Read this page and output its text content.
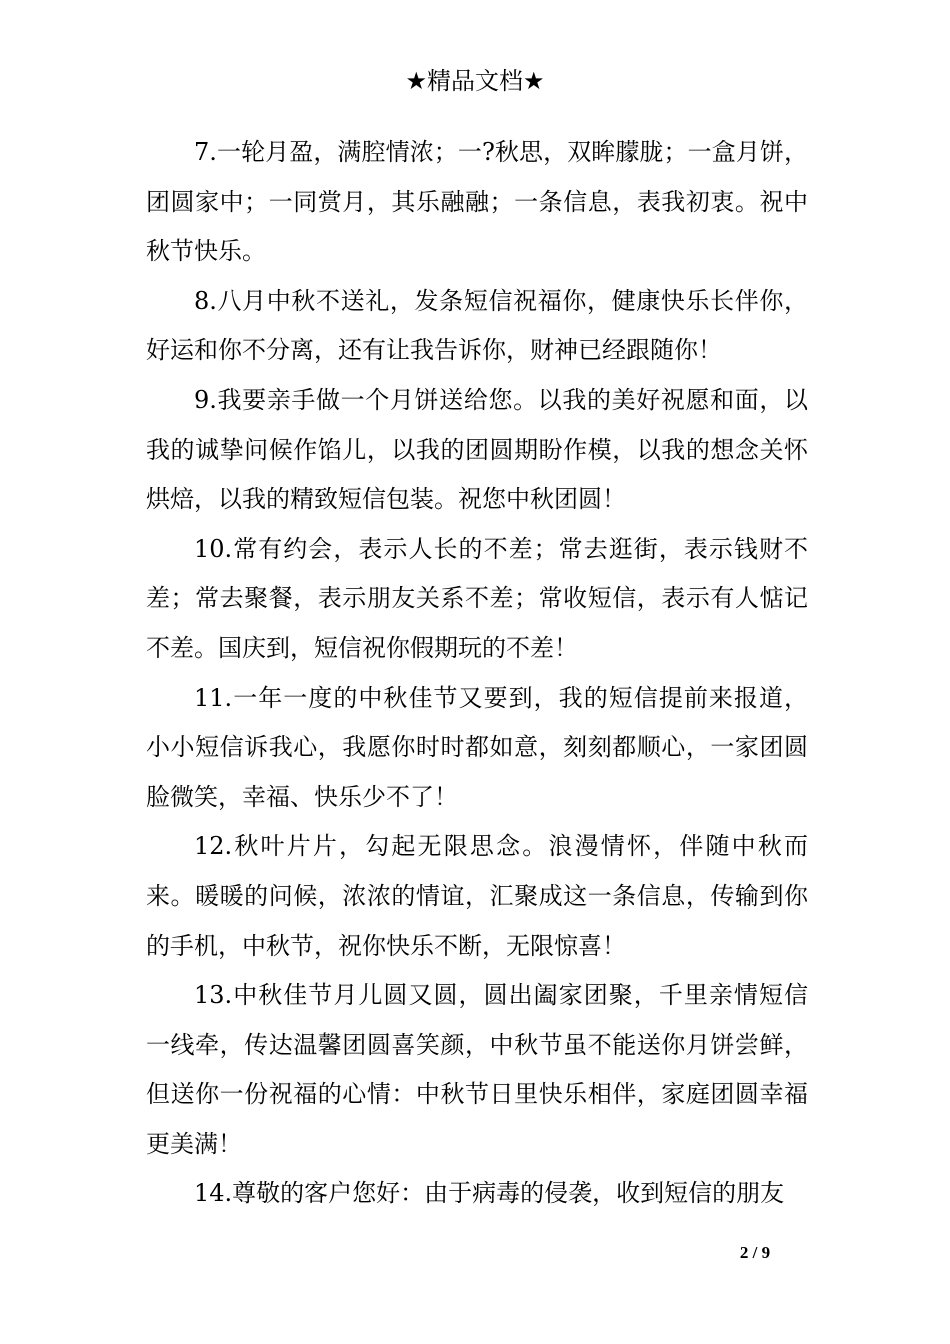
★精品文档★

7.一轮月盈，满腔情浓；一?秋思，双眸朦胧；一盒月饼，团圆家中；一同赏月，其乐融融；一条信息，表我初衷。祝中秋节快乐。

8.八月中秋不送礼，发条短信祝福你，健康快乐长伴你，好运和你不分离，还有让我告诉你，财神已经跟随你！

9.我要亲手做一个月饼送给您。以我的美好祝愿和面，以我的诚挚问候作馅儿，以我的团圆期盼作模，以我的想念关怀烘焙，以我的精致短信包装。祝您中秋团圆！

10.常有约会，表示人长的不差；常去逛街，表示钱财不差；常去聚餐，表示朋友关系不差；常收短信，表示有人惦记不差。国庆到，短信祝你假期玩的不差！

11.一年一度的中秋佳节又要到，我的短信提前来报道，小小短信诉我心，我愿你时时都如意，刻刻都顺心，一家团圆脸微笑，幸福、快乐少不了！

12.秋叶片片，勾起无限思念。浪漫情怀，伴随中秋而来。暖暖的问候，浓浓的情谊，汇聚成这一条信息，传输到你的手机，中秋节，祝你快乐不断，无限惊喜！

13.中秋佳节月儿圆又圆，圆出阖家团聚，千里亲情短信一线牵，传达温馨团圆喜笑颜，中秋节虽不能送你月饼尝鲜，但送你一份祝福的心情：中秋节日里快乐相伴，家庭团圆幸福更美满！

14.尊敬的客户您好：由于病毒的侵袭，收到短信的朋友

2 / 9
